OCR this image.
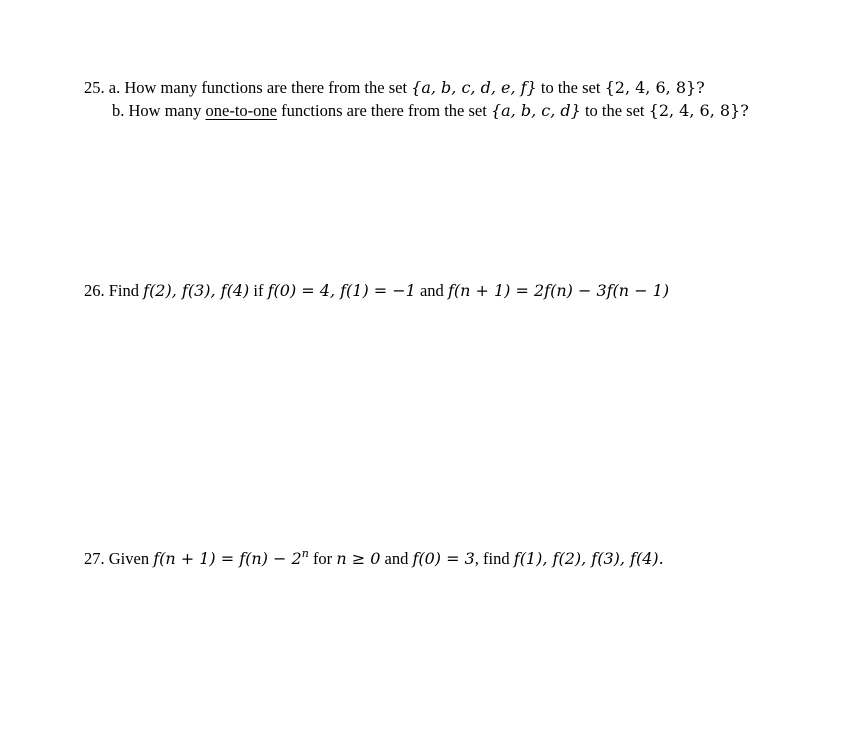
25. a. How many functions are there from the set {a, b, c, d, e, f} to the set {2, 4, 6, 8}?
b. How many one-to-one functions are there from the set {a, b, c, d} to the set {2, 4, 6, 8}?
26. Find f(2), f(3), f(4) if f(0) = 4, f(1) = −1 and f(n + 1) = 2f(n) − 3f(n − 1)
27. Given $f(n + 1) = f(n) - 2^n$ for n ≥ 0 and f(0) = 3, find f(1), f(2), f(3), f(4).
